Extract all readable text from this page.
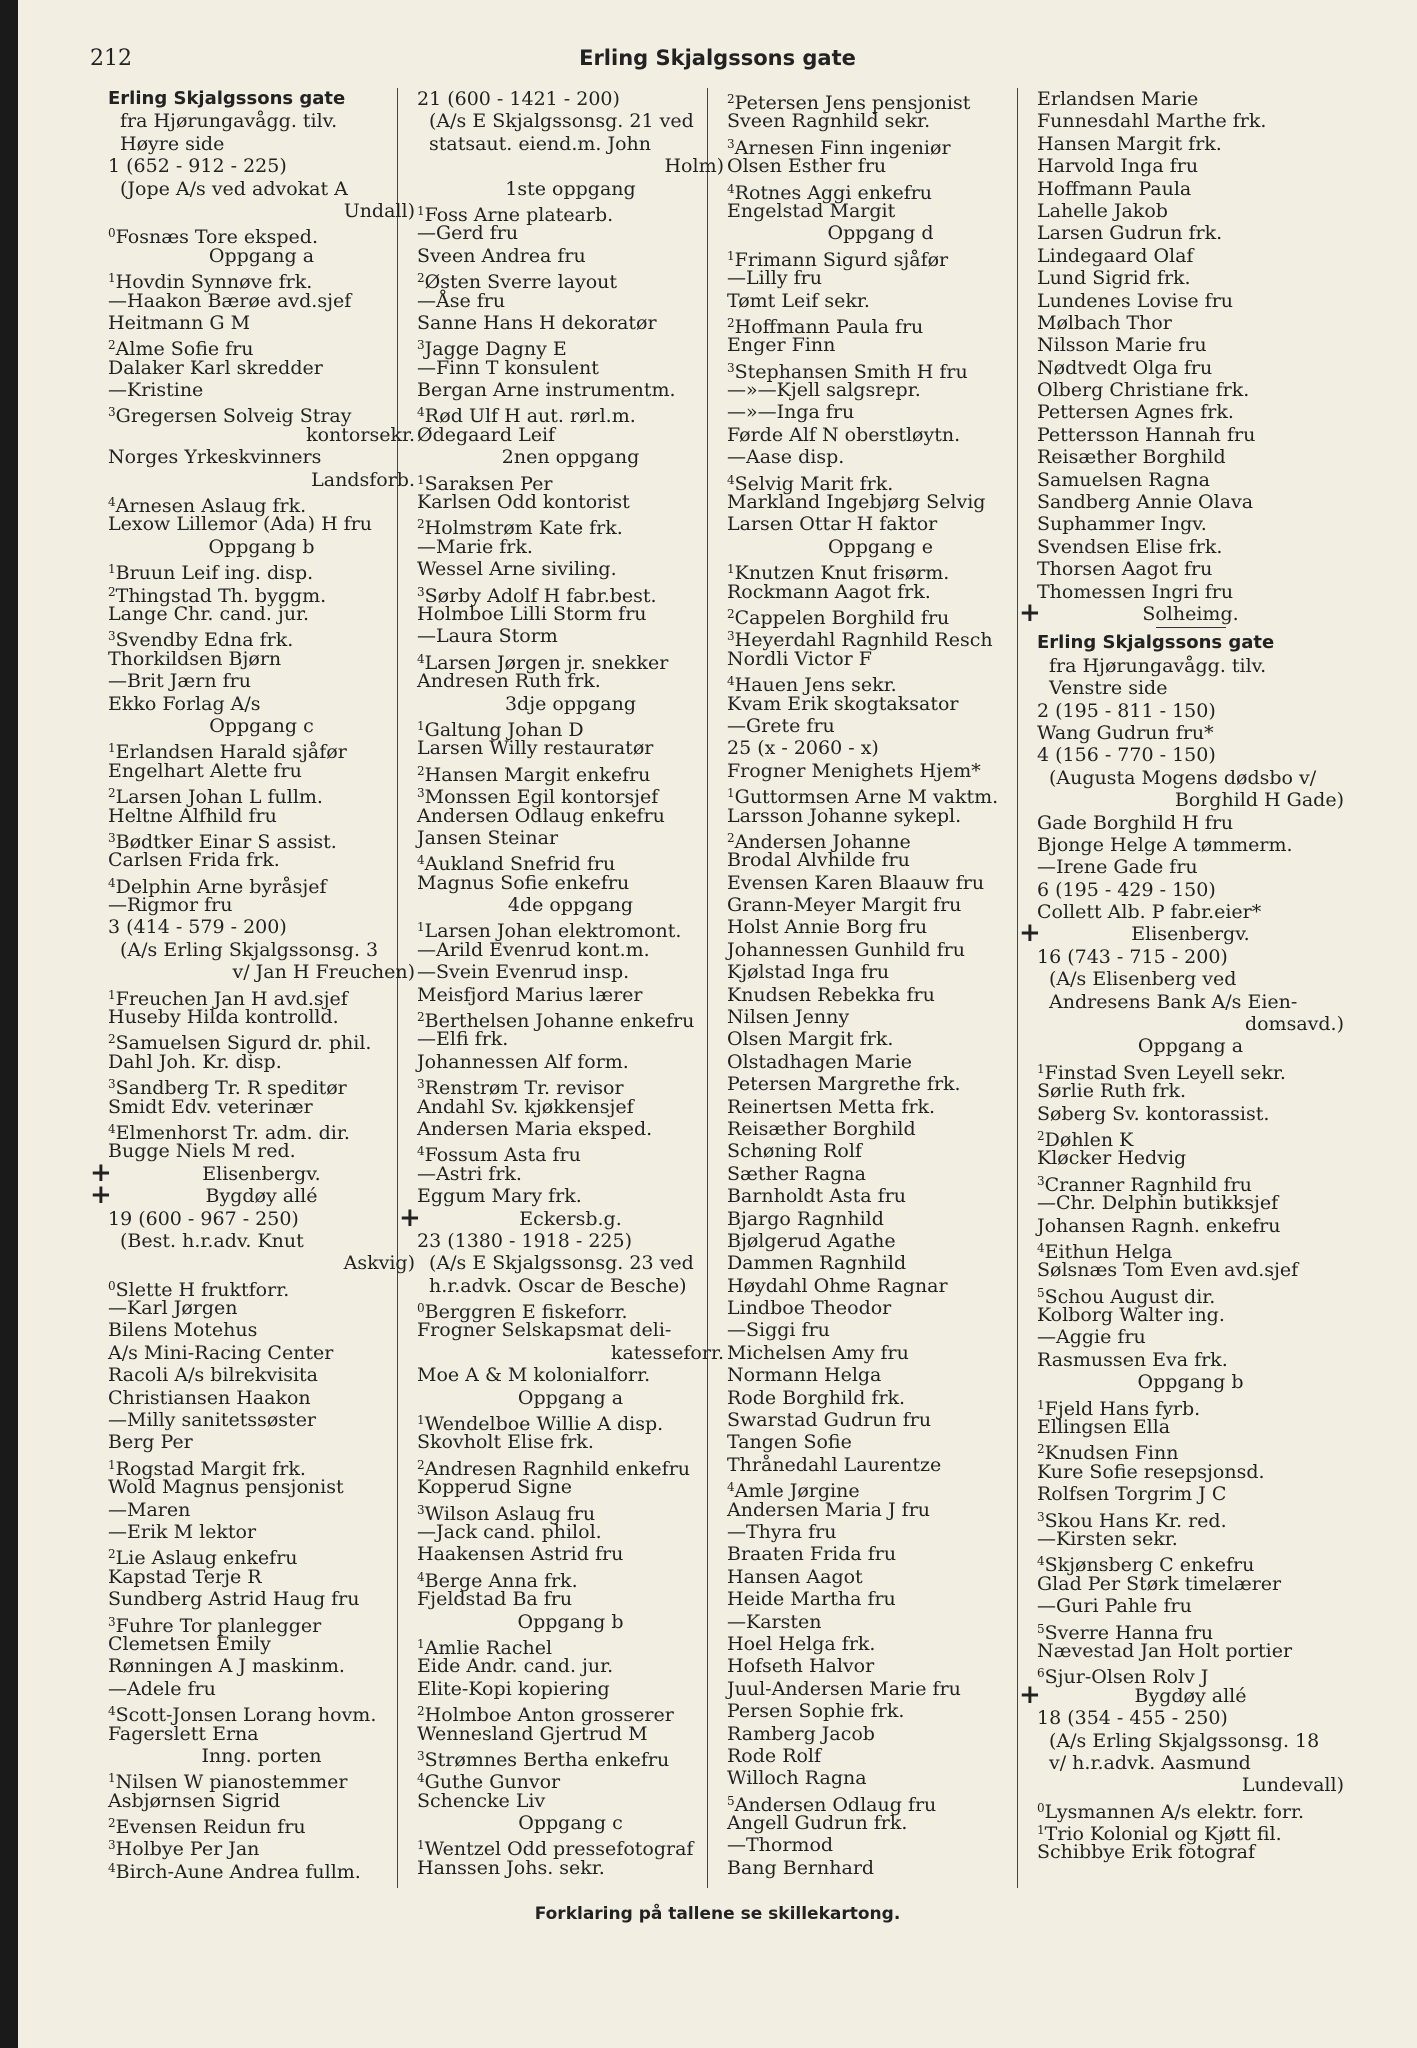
212	Erling Skjalgssons gate
Erling Skjalgssons gate
fra Hjørungavågg. tilv.
Høyre side
1 (652 - 912 - 225)
(Jope A/s ved advokat A
Undall)
$^0$Fosnæs Tore eksped.
Oppgang a
$^1$Hovdin Synnøve frk.
—Haakon Bærøe avd.sjef
Heitmann G M
$^2$Alme Sofie fru
Dalaker Karl skredder
—Kristine
$^3$Gregersen Solveig Stray
kontorsekr.
Norges Yrkeskvinners
Landsforb.
$^4$Arnesen Aslaug frk.
Lexow Lillemor (Ada) H fru
Oppgang b
$^1$Bruun Leif ing. disp.
$^2$Thingstad Th. byggm.
Lange Chr. cand. jur.
$^3$Svendby Edna frk.
Thorkildsen Bjørn
—Brit Jærn fru
Ekko Forlag A/s
Oppgang c
$^1$Erlandsen Harald sjåfør
Engelhart Alette fru
$^2$Larsen Johan L fullm.
Heltne Alfhild fru
$^3$Bødtker Einar S assist.
Carlsen Frida frk.
$^4$Delphin Arne byråsjef
—Rigmor fru
3 (414 - 579 - 200)
(A/s Erling Skjalgssonsg. 3
v/ Jan H Freuchen)
$^1$Freuchen Jan H avd.sjef
Huseby Hilda kontrolld.
$^2$Samuelsen Sigurd dr. phil.
Dahl Joh. Kr. disp.
$^3$Sandberg Tr. R speditør
Smidt Edv. veterinær
$^4$Elmenhorst Tr. adm. dir.
Bugge Niels M red.
+	Elisenbergv.
+	Bygdøy allé
19 (600 - 967 - 250)
(Best. h.r.adv. Knut
Askvig)
$^0$Slette H fruktforr.
—Karl Jørgen
Bilens Motehus
A/s Mini-Racing Center
Racoli A/s bilrekvisita
Christiansen Haakon
—Milly sanitetssøster
Berg Per
$^1$Rogstad Margit frk.
Wold Magnus pensjonist
—Maren
—Erik M lektor
$^2$Lie Aslaug enkefru
Kapstad Terje R
Sundberg Astrid Haug fru
$^3$Fuhre Tor planlegger
Clemetsen Emily
Rønningen A J maskinm.
—Adele fru
$^4$Scott-Jonsen Lorang hovm.
Fagerslett Erna
Inng. porten
$^1$Nilsen W pianostemmer
Asbjørnsen Sigrid
$^2$Evensen Reidun fru
$^3$Holbye Per Jan
$^4$Birch-Aune Andrea fullm.
21 (600 - 1421 - 200)
(A/s E Skjalgssonsg. 21 ved
statsaut. eiend.m. John
Holm)
1ste oppgang
$^1$Foss Arne platearb.
—Gerd fru
Sveen Andrea fru
$^2$Østen Sverre layout
—Åse fru
Sanne Hans H dekoratør
$^3$Jagge Dagny E
—Finn T konsulent
Bergan Arne instrumentm.
$^4$Rød Ulf H aut. rørl.m.
Ødegaard Leif
2nen oppgang
$^1$Saraksen Per
Karlsen Odd kontorist
$^2$Holmstrøm Kate frk.
—Marie frk.
Wessel Arne siviling.
$^3$Sørby Adolf H fabr.best.
Holmboe Lilli Storm fru
—Laura Storm
$^4$Larsen Jørgen jr. snekker
Andresen Ruth frk.
3dje oppgang
$^1$Galtung Johan D
Larsen Willy restauratør
$^2$Hansen Margit enkefru
$^3$Monssen Egil kontorsjef
Andersen Odlaug enkefru
Jansen Steinar
$^4$Aukland Snefrid fru
Magnus Sofie enkefru
4de oppgang
$^1$Larsen Johan elektromont.
—Arild Evenrud kont.m.
—Svein Evenrud insp.
Meisfjord Marius lærer
$^2$Berthelsen Johanne enkefru
—Elfi frk.
Johannessen Alf form.
$^3$Renstrøm Tr. revisor
Andahl Sv. kjøkkensjef
Andersen Maria eksped.
$^4$Fossum Asta fru
—Astri frk.
Eggum Mary frk.
+	Eckersb.g.
23 (1380 - 1918 - 225)
(A/s E Skjalgssonsg. 23 ved
h.r.advk. Oscar de Besche)
$^0$Berggren E fiskeforr.
Frogner Selskapsmat deli-
katesseforr.
Moe A & M kolonialforr.
Oppgang a
$^1$Wendelboe Willie A disp.
Skovholt Elise frk.
$^2$Andresen Ragnhild enkefru
Kopperud Signe
$^3$Wilson Aslaug fru
—Jack cand. philol.
Haakensen Astrid fru
$^4$Berge Anna frk.
Fjeldstad Ba fru
Oppgang b
$^1$Amlie Rachel
Eide Andr. cand. jur.
Elite-Kopi kopiering
$^2$Holmboe Anton grosserer
Wennesland Gjertrud M
$^3$Strømnes Bertha enkefru
$^4$Guthe Gunvor
Schencke Liv
Oppgang c
$^1$Wentzel Odd pressefotograf
Hanssen Johs. sekr.
$^2$Petersen Jens pensjonist
Sveen Ragnhild sekr.
$^3$Arnesen Finn ingeniør
Olsen Esther fru
$^4$Rotnes Aggi enkefru
Engelstad Margit
Oppgang d
$^1$Frimann Sigurd sjåfør
—Lilly fru
Tømt Leif sekr.
$^2$Hoffmann Paula fru
Enger Finn
$^3$Stephansen Smith H fru
—»—Kjell salgsrepr.
—»—Inga fru
Førde Alf N oberstløytn.
—Aase disp.
$^4$Selvig Marit frk.
Markland Ingebjørg Selvig
Larsen Ottar H faktor
Oppgang e
$^1$Knutzen Knut frisørm.
Rockmann Aagot frk.
$^2$Cappelen Borghild fru
$^3$Heyerdahl Ragnhild Resch
Nordli Victor F
$^4$Hauen Jens sekr.
Kvam Erik skogtaksator
—Grete fru
25 (x - 2060 - x)
Frogner Menighets Hjem*
$^1$Guttormsen Arne M vaktm.
Larsson Johanne sykepl.
$^2$Andersen Johanne
Brodal Alvhilde fru
Evensen Karen Blaauw fru
Grann-Meyer Margit fru
Holst Annie Borg fru
Johannessen Gunhild fru
Kjølstad Inga fru
Knudsen Rebekka fru
Nilsen Jenny
Olsen Margit frk.
Olstadhagen Marie
Petersen Margrethe frk.
Reinertsen Metta frk.
Reisæther Borghild
Schøning Rolf
Sæther Ragna
Barnholdt Asta fru
Bjargo Ragnhild
Bjølgerud Agathe
Dammen Ragnhild
Høydahl Ohme Ragnar
Lindboe Theodor
—Siggi fru
Michelsen Amy fru
Normann Helga
Rode Borghild frk.
Swarstad Gudrun fru
Tangen Sofie
Thrånedahl Laurentze
$^4$Amle Jørgine
Andersen Maria J fru
—Thyra fru
Braaten Frida fru
Hansen Aagot
Heide Martha fru
—Karsten
Hoel Helga frk.
Hofseth Halvor
Juul-Andersen Marie fru
Persen Sophie frk.
Ramberg Jacob
Rode Rolf
Willoch Ragna
$^5$Andersen Odlaug fru
Angell Gudrun frk.
—Thormod
Bang Bernhard
Erlandsen Marie
Funnesdahl Marthe frk.
Hansen Margit frk.
Harvold Inga fru
Hoffmann Paula
Lahelle Jakob
Larsen Gudrun frk.
Lindegaard Olaf
Lund Sigrid frk.
Lundenes Lovise fru
Mølbach Thor
Nilsson Marie fru
Nødtvedt Olga fru
Olberg Christiane frk.
Pettersen Agnes frk.
Pettersson Hannah fru
Reisæther Borghild
Samuelsen Ragna
Sandberg Annie Olava
Suphammer Ingv.
Svendsen Elise frk.
Thorsen Aagot fru
Thomessen Ingri fru
+	Solheimg.
Erling Skjalgssons gate
fra Hjørungavågg. tilv.
Venstre side
2 (195 - 811 - 150)
Wang Gudrun fru*
4 (156 - 770 - 150)
(Augusta Mogens dødsbo v/
Borghild H Gade)
Gade Borghild H fru
Bjonge Helge A tømmerm.
—Irene Gade fru
6 (195 - 429 - 150)
Collett Alb. P fabr.eier*
+	Elisenbergv.
16 (743 - 715 - 200)
(A/s Elisenberg ved
Andresens Bank A/s Eien-
domsavd.)
Oppgang a
$^1$Finstad Sven Leyell sekr.
Sørlie Ruth frk.
Søberg Sv. kontorassist.
$^2$Døhlen K
Kløcker Hedvig
$^3$Cranner Ragnhild fru
—Chr. Delphin butikksjef
Johansen Ragnh. enkefru
$^4$Eithun Helga
Sølsnæs Tom Even avd.sjef
$^5$Schou August dir.
Kolborg Walter ing.
—Aggie fru
Rasmussen Eva frk.
Oppgang b
$^1$Fjeld Hans fyrb.
Ellingsen Ella
$^2$Knudsen Finn
Kure Sofie resepsjonsd.
Rolfsen Torgrim J C
$^3$Skou Hans Kr. red.
—Kirsten sekr.
$^4$Skjønsberg C enkefru
Glad Per Størk timelærer
—Guri Pahle fru
$^5$Sverre Hanna fru
Nævestad Jan Holt portier
$^6$Sjur-Olsen Rolv J
+	Bygdøy allé
18 (354 - 455 - 250)
(A/s Erling Skjalgssonsg. 18
v/ h.r.advk. Aasmund
Lundevall)
$^0$Lysmannen A/s elektr. forr.
$^1$Trio Kolonial og Kjøtt fil.
Schibbye Erik fotograf
Forklaring på tallene se skillekartong.
